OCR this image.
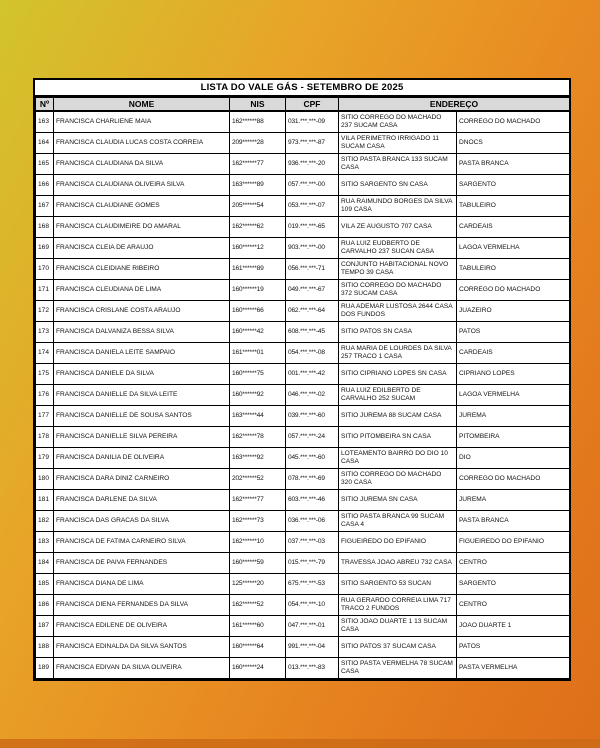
LISTA DO VALE GÁS - SETEMBRO DE 2025
Nº	NOME	NIS	CPF	ENDEREÇO	
163	FRANCISCA CHARLIENE MAIA	162******88	031.***.***-09	SITIO CORREGO DO MACHADO 237 SUCAM CASA	CORREGO DO MACHADO
164	FRANCISCA CLAUDIA LUCAS COSTA CORREIA	209******28	973.***.***-87	VILA PERIMETRO IRRIGADO 11 SUCAM CASA	DNOCS
165	FRANCISCA CLAUDIANA DA SILVA	162******77	936.***.***-20	SITIO PASTA BRANCA 133 SUCAM CASA	PASTA BRANCA
166	FRANCISCA CLAUDIANA OLIVEIRA SILVA	163******89	057.***.***-00	SITIO SARGENTO SN CASA	SARGENTO
167	FRANCISCA CLAUDIANE GOMES	205******54	053.***.***-07	RUA RAIMUNDO BORGES DA SILVA 109 CASA	TABULEIRO
168	FRANCISCA CLAUDIMEIRE DO AMARAL	162******62	019.***.***-65	VILA ZE AUGUSTO 707 CASA	CARDEAIS
169	FRANCISCA CLEIA DE ARAUJO	160******12	903.***.***-00	RUA LUIZ EUDBERTO DE CARVALHO 237 SUCAN CASA	LAGOA VERMELHA
170	FRANCISCA CLEIDIANE RIBEIRO	161******89	056.***.***-71	CONJUNTO HABITACIONAL NOVO TEMPO 39 CASA	TABULEIRO
171	FRANCISCA CLEUDIANA DE LIMA	160******19	049.***.***-67	SITIO CORREGO DO MACHADO 372 SUCAM CASA	CORREGO DO MACHADO
172	FRANCISCA CRISLANE COSTA ARAUJO	160******66	062.***.***-64	RUA ADEMAR LUSTOSA 2644 CASA DOS FUNDOS	JUAZEIRO
173	FRANCISCA DALVANIZA BESSA SILVA	160******42	608.***.***-45	SITIO PATOS SN CASA	PATOS
174	FRANCISCA DANIELA LEITE SAMPAIO	161******01	054.***.***-08	RUA MARIA DE LOURDES DA SILVA 257 TRACO 1 CASA	CARDEAIS
175	FRANCISCA DANIELE DA SILVA	160******75	001.***.***-42	SITIO CIPRIANO LOPES SN CASA	CIPRIANO LOPES
176	FRANCISCA DANIELLE DA SILVA LEITE	160******92	046.***.***-02	RUA LUIZ EDILBERTO DE CARVALHO 252 SUCAM	LAGOA VERMELHA
177	FRANCISCA DANIELLE DE SOUSA SANTOS	163******44	039.***.***-60	SITIO JUREMA 88 SUCAM CASA	JUREMA
178	FRANCISCA DANIELLE SILVA PEREIRA	162******78	057.***.***-24	SITIO PITOMBEIRA SN CASA	PITOMBEIRA
179	FRANCISCA DANILIA DE OLIVEIRA	163******92	045.***.***-60	LOTEAMENTO BAIRRO DO DIO 10 CASA	DIO
180	FRANCISCA DARA DINIZ CARNEIRO	202******52	078.***.***-69	SITIO CORREGO DO MACHADO 320 CASA	CORREGO DO MACHADO
181	FRANCISCA DARLENE DA SILVA	162******77	603.***.***-46	SITIO JUREMA SN CASA	JUREMA
182	FRANCISCA DAS GRACAS DA SILVA	162******73	036.***.***-06	SITIO PASTA BRANCA 99 SUCAM CASA 4	PASTA BRANCA
183	FRANCISCA DE FATIMA CARNEIRO SILVA	162******10	037.***.***-03	FIGUEIREDO DO EPIFANIO	FIGUEIREDO DO EPIFANIO
184	FRANCISCA DE PAIVA FERNANDES	160******59	015.***.***-79	TRAVESSA JOAO ABREU 732 CASA	CENTRO
185	FRANCISCA DIANA DE LIMA	125******20	675.***.***-53	SITIO SARGENTO 53 SUCAN	SARGENTO
186	FRANCISCA DIENA FERNANDES DA SILVA	162******52	054.***.***-10	RUA GERARDO CORREIA LIMA 717 TRACO 2 FUNDOS	CENTRO
187	FRANCISCA EDILENE DE OLIVEIRA	161******60	047.***.***-01	SITIO JOAO DUARTE 1 13 SUCAM CASA	JOAO DUARTE 1
188	FRANCISCA EDINALDA DA SILVA SANTOS	160******64	991.***.***-04	SITIO PATOS 37 SUCAM CASA	PATOS
189	FRANCISCA EDIVAN DA SILVA OLIVEIRA	160******24	013.***.***-83	SITIO PASTA VERMELHA 78 SUCAM CASA	PASTA VERMELHA
